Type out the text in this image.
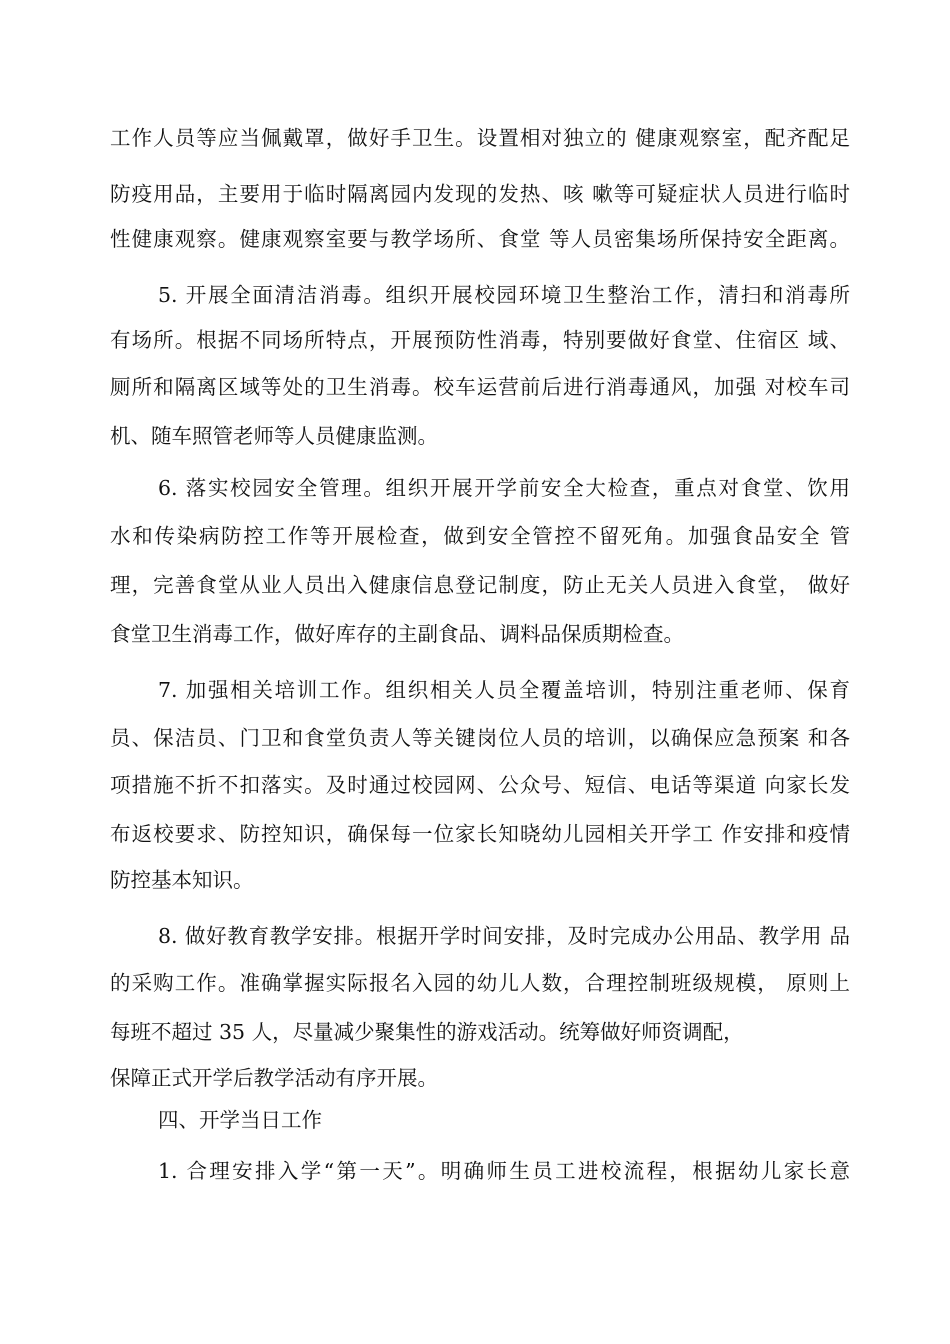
工作人员等应当佩戴罩，做好手卫生。设置相对独立的 健康观察室，配齐配足
防疫用品，主要用于临时隔离园内发现的发热、咳 嗽等可疑症状人员进行临时
性健康观察。健康观察室要与教学场所、食堂 等人员密集场所保持安全距离。
5. 开展全面清洁消毒。组织开展校园环境卫生整治工作，清扫和消毒所
有场所。根据不同场所特点，开展预防性消毒，特别要做好食堂、住宿区 域、
厕所和隔离区域等处的卫生消毒。校车运营前后进行消毒通风，加强 对校车司
机、随车照管老师等人员健康监测。
6. 落实校园安全管理。组织开展开学前安全大检查，重点对食堂、饮用
水和传染病防控工作等开展检查，做到安全管控不留死角。加强食品安全 管
理，完善食堂从业人员出入健康信息登记制度，防止无关人员进入食堂， 做好
食堂卫生消毒工作，做好库存的主副食品、调料品保质期检查。
7. 加强相关培训工作。组织相关人员全覆盖培训，特别注重老师、保育
员、保洁员、门卫和食堂负责人等关键岗位人员的培训，以确保应急预案 和各
项措施不折不扣落实。及时通过校园网、公众号、短信、电话等渠道 向家长发
布返校要求、防控知识，确保每一位家长知晓幼儿园相关开学工 作安排和疫情
防控基本知识。
8. 做好教育教学安排。根据开学时间安排，及时完成办公用品、教学用 品
的采购工作。准确掌握实际报名入园的幼儿人数，合理控制班级规模， 原则上
每班不超过 35 人，尽量减少聚集性的游戏活动。统筹做好师资调配，
保障正式开学后教学活动有序开展。
四、开学当日工作
1. 合理安排入学“第一天”。明确师生员工进校流程，根据幼儿家长意
